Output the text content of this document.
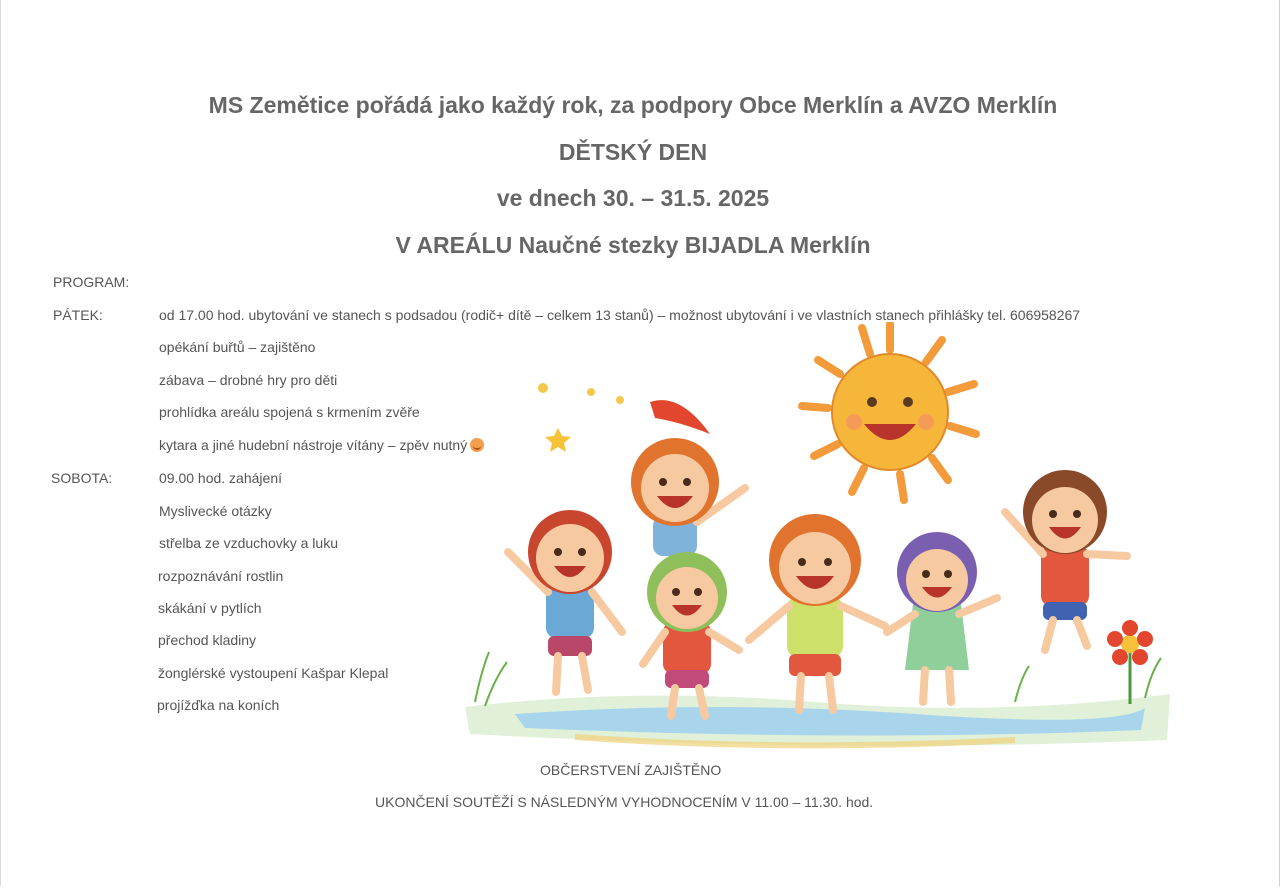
MS Zemětice pořádá jako každý rok, za podpory Obce Merklín a AVZO Merklín
DĚTSKÝ DEN
ve dnech 30. – 31.5. 2025
V AREÁLU Naučné stezky BIJADLA Merklín
PROGRAM:
PÁTEK:	od 17.00 hod. ubytování ve stanech s podsadou (rodič+ dítě – celkem 13 stanů) – možnost ubytování i ve vlastních stanech přihlášky tel. 606958267
opékání buřtů – zajištěno
zábava – drobné hry pro děti
prohlídka areálu spojená s krmením zvěře
kytara a jiné hudební nástroje vítány – zpěv nutný
SOBOTA:	09.00 hod. zahájení
Myslivecké otázky
střelba ze vzduchovky a luku
rozpoznávání rostlin
skákání v pytlích
přechod kladiny
žonglérské vystoupení Kašpar Klepal
projížďka na koních
OBČERSTVENÍ ZAJIŠTĚNO
UKONČENÍ SOUTĚŽÍ S NÁSLEDNÝM VYHODNOCENÍM V 11.00 – 11.30. hod.
